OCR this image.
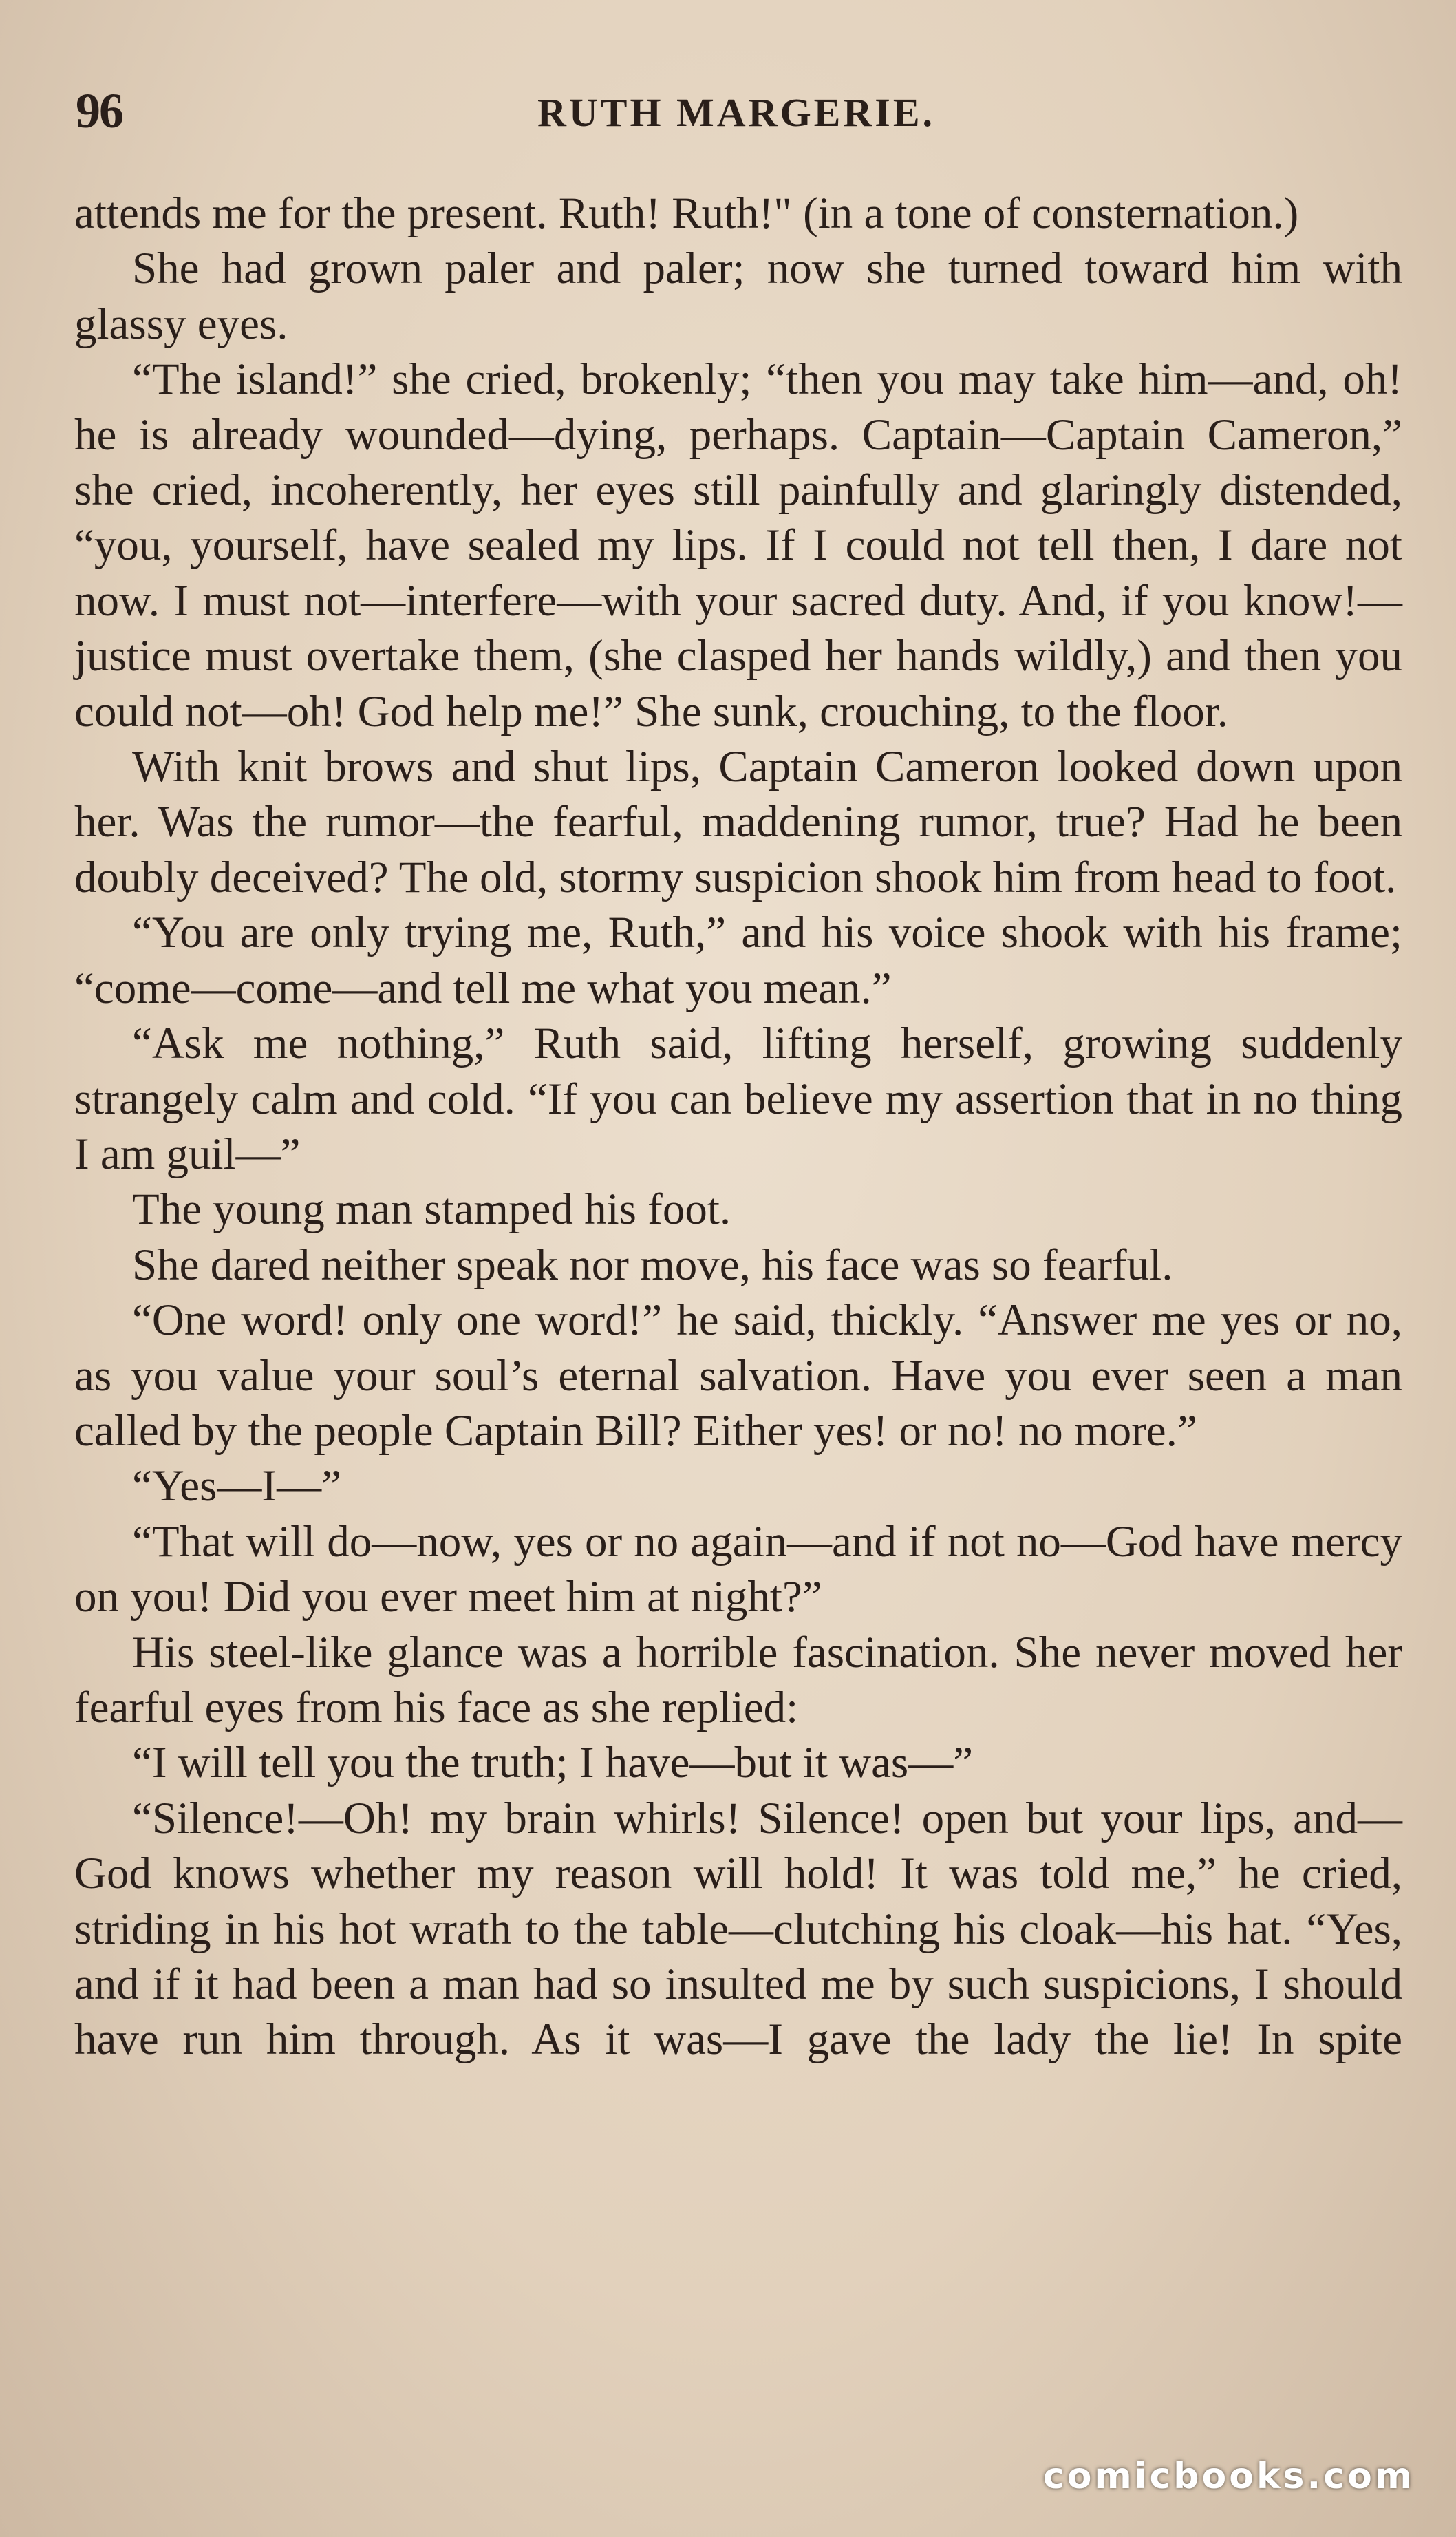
96	RUTH MARGERIE.

attends me for the present. Ruth! Ruth!" (in a tone of consternation.)

She had grown paler and paler; now she turned toward him with glassy eyes.

“The island!” she cried, brokenly; “then you may take him—and, oh! he is already wounded—dying, perhaps. Captain—Captain Cameron,” she cried, incoherently, her eyes still painfully and glaringly distended, “you, yourself, have sealed my lips. If I could not tell then, I dare not now. I must not—interfere—with your sacred duty. And, if you know!—justice must overtake them, (she clasped her hands wildly,) and then you could not—oh! God help me!” She sunk, crouching, to the floor.

With knit brows and shut lips, Captain Cameron looked down upon her. Was the rumor—the fearful, maddening rumor, true? Had he been doubly deceived? The old, stormy suspicion shook him from head to foot.

“You are only trying me, Ruth,” and his voice shook with his frame; “come—come—and tell me what you mean.”

“Ask me nothing,” Ruth said, lifting herself, growing suddenly strangely calm and cold. “If you can believe my assertion that in no thing I am guil—”

The young man stamped his foot.

She dared neither speak nor move, his face was so fearful.

“One word! only one word!” he said, thickly. “Answer me yes or no, as you value your soul’s eternal salvation. Have you ever seen a man called by the people Captain Bill? Either yes! or no! no more.”

“Yes—I—”

“That will do—now, yes or no again—and if not no—God have mercy on you! Did you ever meet him at night?”

His steel-like glance was a horrible fascination. She never moved her fearful eyes from his face as she replied:

“I will tell you the truth; I have—but it was—”

“Silence!—Oh! my brain whirls! Silence! open but your lips, and—God knows whether my reason will hold! It was told me,” he cried, striding in his hot wrath to the table—clutching his cloak—his hat. “Yes, and if it had been a man had so insulted me by such suspicions, I should have run him through. As it was—I gave the lady the lie! In spite

comicbooks.com
